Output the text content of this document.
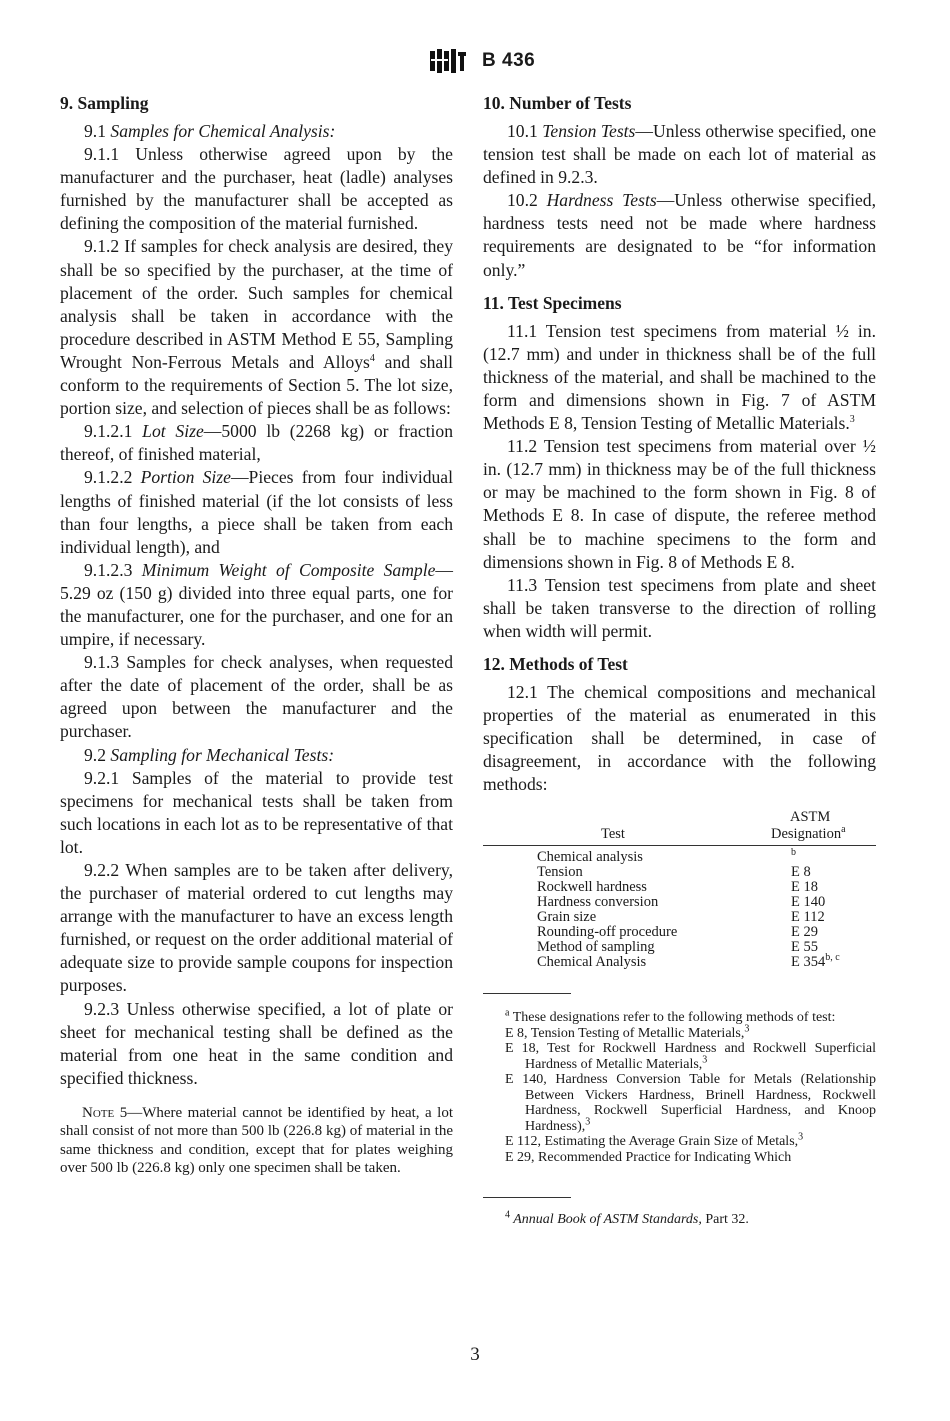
B 436
9. Sampling

9.1 Samples for Chemical Analysis:

9.1.1 Unless otherwise agreed upon by the manufacturer and the purchaser, heat (ladle) analyses furnished by the manufacturer shall be accepted as defining the composition of the material furnished.

9.1.2 If samples for check analysis are desired, they shall be so specified by the purchaser, at the time of placement of the order. Such samples for chemical analysis shall be taken in accordance with the procedure described in ASTM Method E 55, Sampling Wrought Non-Ferrous Metals and Alloys$^4$ and shall conform to the requirements of Section 5. The lot size, portion size, and selection of pieces shall be as follows:

9.1.2.1 Lot Size—5000 lb (2268 kg) or fraction thereof, of finished material,

9.1.2.2 Portion Size—Pieces from four individual lengths of finished material (if the lot consists of less than four lengths, a piece shall be taken from each individual length), and

9.1.2.3 Minimum Weight of Composite Sample—5.29 oz (150 g) divided into three equal parts, one for the manufacturer, one for the purchaser, and one for an umpire, if necessary.

9.1.3 Samples for check analyses, when requested after the date of placement of the order, shall be as agreed upon between the manufacturer and the purchaser.

9.2 Sampling for Mechanical Tests:

9.2.1 Samples of the material to provide test specimens for mechanical tests shall be taken from such locations in each lot as to be representative of that lot.

9.2.2 When samples are to be taken after delivery, the purchaser of material ordered to cut lengths may arrange with the manufacturer to have an excess length furnished, or request on the order additional material of adequate size to provide sample coupons for inspection purposes.

9.2.3 Unless otherwise specified, a lot of plate or sheet for mechanical testing shall be defined as the material from one heat in the same condition and specified thickness.

Note 5—Where material cannot be identified by heat, a lot shall consist of not more than 500 lb (226.8 kg) of material in the same thickness and condition, except that for plates weighing over 500 lb (226.8 kg) only one specimen shall be taken.

10. Number of Tests

10.1 Tension Tests—Unless otherwise specified, one tension test shall be made on each lot of material as defined in 9.2.3.

10.2 Hardness Tests—Unless otherwise specified, hardness tests need not be made where hardness requirements are designated to be “for information only.”

11. Test Specimens

11.1 Tension test specimens from material ½ in. (12.7 mm) and under in thickness shall be of the full thickness of the material, and shall be machined to the form and dimensions shown in Fig. 7 of ASTM Methods E 8, Tension Testing of Metallic Materials.$^3$

11.2 Tension test specimens from material over ½ in. (12.7 mm) in thickness may be of the full thickness or may be machined to the form shown in Fig. 8 of Methods E 8. In case of dispute, the referee method shall be to machine specimens to the form and dimensions shown in Fig. 8 of Methods E 8.

11.3 Tension test specimens from plate and sheet shall be taken transverse to the direction of rolling when width will permit.

12. Methods of Test

12.1 The chemical compositions and mechanical properties of the material as enumerated in this specification shall be determined, in case of disagreement, in accordance with the following methods:

ASTM
Test	Designation$^a$
Chemical analysis	$^b$
Tension	E 8
Rockwell hardness	E 18
Hardness conversion	E 140
Grain size	E 112
Rounding-off procedure	E 29
Method of sampling	E 55
Chemical Analysis	E 354$^{b, c}$

$^a$ These designations refer to the following methods of test:

E 8, Tension Testing of Metallic Materials,$^3$

E 18, Test for Rockwell Hardness and Rockwell Superficial Hardness of Metallic Materials,$^3$

E 140, Hardness Conversion Table for Metals (Relationship Between Vickers Hardness, Brinell Hardness, Rockwell Hardness, Rockwell Superficial Hardness, and Knoop Hardness),$^3$

E 112, Estimating the Average Grain Size of Metals,$^3$

E 29, Recommended Practice for Indicating Which

$^4$ Annual Book of ASTM Standards, Part 32.

3
